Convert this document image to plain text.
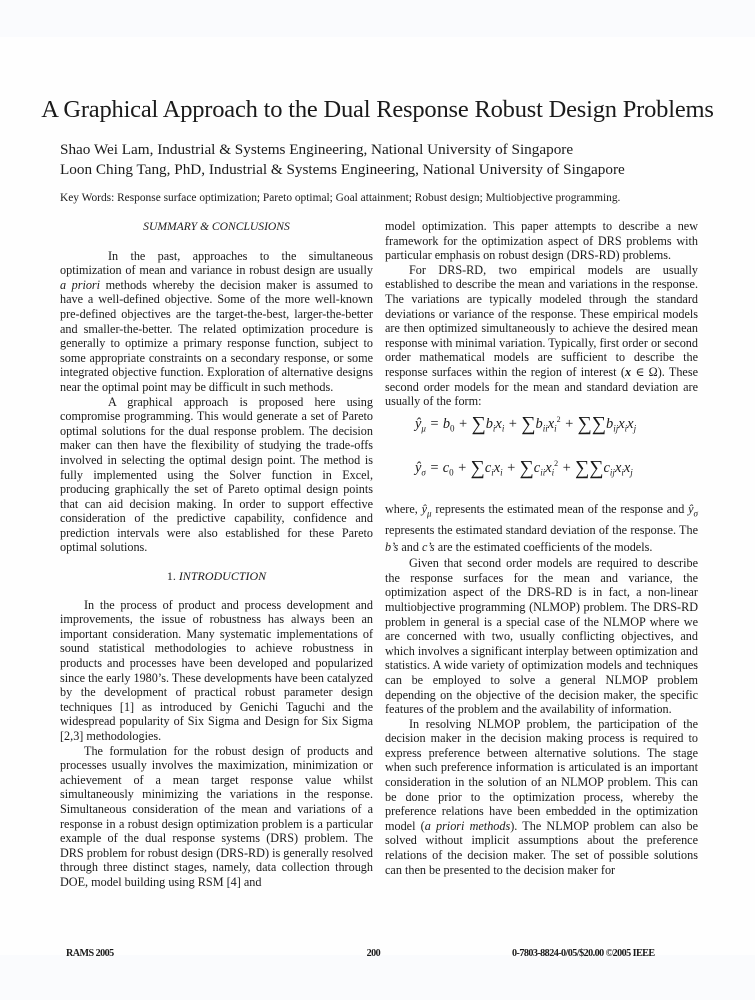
A Graphical Approach to the Dual Response Robust Design Problems
Shao Wei Lam, Industrial & Systems Engineering, National University of Singapore
Loon Ching Tang, PhD, Industrial & Systems Engineering, National University of Singapore
Key Words: Response surface optimization; Pareto optimal; Goal attainment; Robust design; Multiobjective programming.

SUMMARY & CONCLUSIONS

In the past, approaches to the simultaneous optimization of mean and variance in robust design are usually a priori methods whereby the decision maker is assumed to have a well-defined objective. Some of the more well-known pre-defined objectives are the target-the-best, larger-the-better and smaller-the-better. The related optimization procedure is generally to optimize a primary response function, subject to some appropriate constraints on a secondary response, or some integrated objective function. Exploration of alternative designs near the optimal point may be difficult in such methods.

A graphical approach is proposed here using compromise programming. This would generate a set of Pareto optimal solutions for the dual response problem. The decision maker can then have the flexibility of studying the trade-offs involved in selecting the optimal design point. The method is fully implemented using the Solver function in Excel, producing graphically the set of Pareto optimal design points that can aid decision making. In order to support effective consideration of the predictive capability, confidence and prediction intervals were also established for these Pareto optimal solutions.

1. INTRODUCTION

In the process of product and process development and improvements, the issue of robustness has always been an important consideration. Many systematic implementations of sound statistical methodologies to achieve robustness in products and processes have been developed and popularized since the early 1980’s. These developments have been catalyzed by the development of practical robust parameter design techniques [1] as introduced by Genichi Taguchi and the widespread popularity of Six Sigma and Design for Six Sigma [2,3] methodologies.

The formulation for the robust design of products and processes usually involves the maximization, minimization or achievement of a mean target response value whilst simultaneously minimizing the variations in the response. Simultaneous consideration of the mean and variations of a response in a robust design optimization problem is a particular example of the dual response systems (DRS) problem. The DRS problem for robust design (DRS-RD) is generally resolved through three distinct stages, namely, data collection through DOE, model building using RSM [4] and

model optimization. This paper attempts to describe a new framework for the optimization aspect of DRS problems with particular emphasis on robust design (DRS-RD) problems.

For DRS-RD, two empirical models are usually established to describe the mean and variations in the response. The variations are typically modeled through the standard deviations or variance of the response. These empirical models are then optimized simultaneously to achieve the desired mean response with minimal variation. Typically, first order or second order mathematical models are sufficient to describe the response surfaces within the region of interest (x ∈ Ω). These second order models for the mean and standard deviation are usually of the form:

$ŷ_\mu = b_0 + \sum b_ix_i + \sum b_{ii}x_i^2 + \sum\sum b_{ij}x_ix_j$
$ŷ_\sigma = c_0 + \sum c_ix_i + \sum c_{ii}x_i^2 + \sum\sum c_{ij}x_ix_j$

where, $ŷ_\mu$ represents the estimated mean of the response and $ŷ_\sigma$ represents the estimated standard deviation of the response. The b’s and c’s are the estimated coefficients of the models.

Given that second order models are required to describe the response surfaces for the mean and variance, the optimization aspect of the DRS-RD is in fact, a non-linear multiobjective programming (NLMOP) problem. The DRS-RD problem in general is a special case of the NLMOP where we are concerned with two, usually conflicting objectives, and which involves a significant interplay between optimization and statistics. A wide variety of optimization models and techniques can be employed to solve a general NLMOP problem depending on the objective of the decision maker, the specific features of the problem and the availability of information.

In resolving NLMOP problem, the participation of the decision maker in the decision making process is required to express preference between alternative solutions. The stage when such preference information is articulated is an important consideration in the solution of an NLMOP problem. This can be done prior to the optimization process, whereby the preference relations have been embedded in the optimization model (a priori methods). The NLMOP problem can also be solved without implicit assumptions about the preference relations of the decision maker. The set of possible solutions can then be presented to the decision maker for

RAMS 2005	200	0-7803-8824-0/05/$20.00 ©2005 IEEE
